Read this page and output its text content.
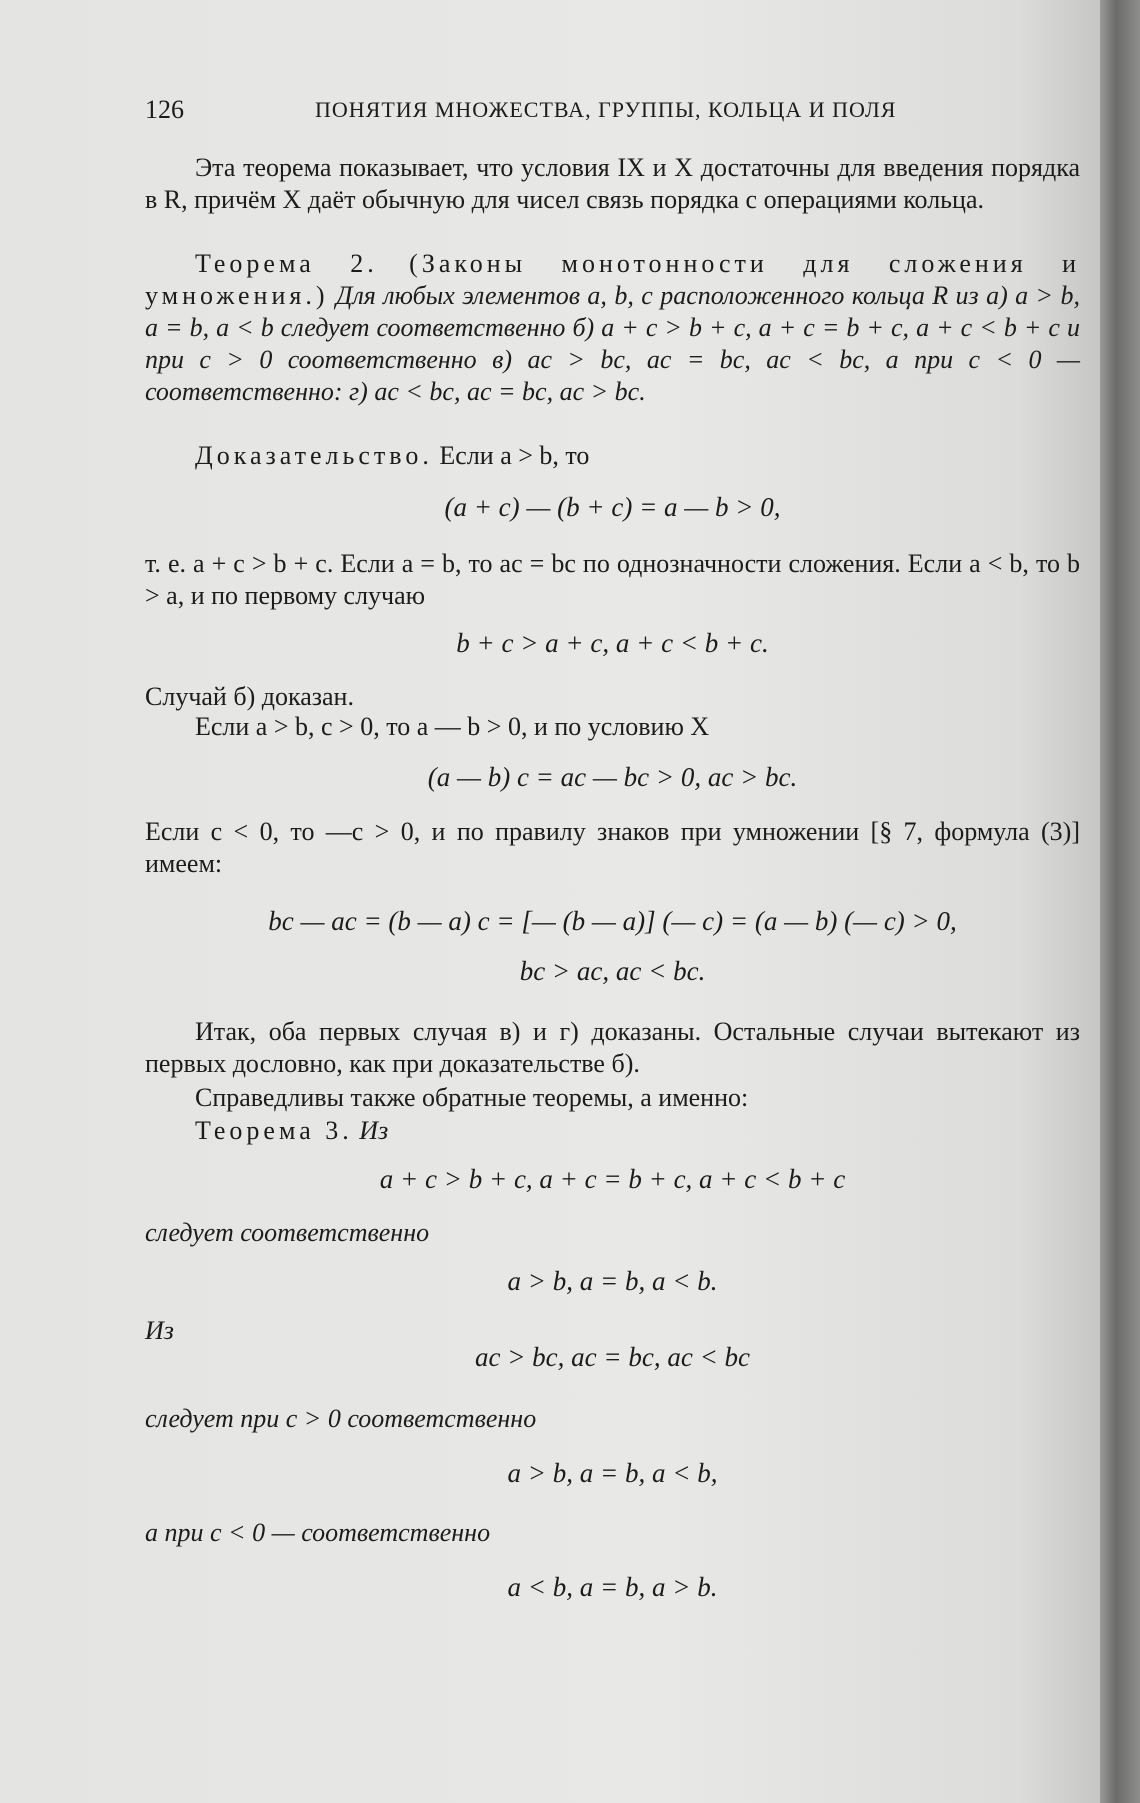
126	ПОНЯТИЯ МНОЖЕСТВА, ГРУППЫ, КОЛЬЦА И ПОЛЯ
Эта теорема показывает, что условия IX и X достаточны для введения порядка в R, причём X даёт обычную для чисел связь порядка с операциями кольца.
Теорема 2. (Законы монотонности для сложения и умножения.) Для любых элементов a, b, c расположенного кольца R из а) a > b, a = b, a < b следует соответственно б) a + c > b + c, a + c = b + c, a + c < b + c и при c > 0 соответственно в) ac > bc, ac = bc, ac < bc, а при c < 0 — соответственно: г) ac < bc, ac = bc, ac > bc.
Доказательство. Если a > b, то
(a + c) — (b + c) = a — b > 0,
т. е. a + c > b + c. Если a = b, то ac = bc по однозначности сложения. Если a < b, то b > a, и по первому случаю
b + c > a + c, a + c < b + c.
Случай б) доказан.
Если a > b, c > 0, то a — b > 0, и по условию X
(a — b) c = ac — bc > 0, ac > bc.
Если c < 0, то —c > 0, и по правилу знаков при умножении [§ 7, формула (3)] имеем:
bc — ac = (b — a) c = [— (b — a)] (— c) = (a — b) (— c) > 0,
bc > ac, ac < bc.
Итак, оба первых случая в) и г) доказаны. Остальные случаи вытекают из первых дословно, как при доказательстве б).
Справедливы также обратные теоремы, а именно:
Теорема 3. Из
a + c > b + c, a + c = b + c, a + c < b + c
следует соответственно
a > b, a = b, a < b.
Из
ac > bc, ac = bc, ac < bc
следует при c > 0 соответственно
a > b, a = b, a < b,
а при c < 0 — соответственно
a < b, a = b, a > b.
